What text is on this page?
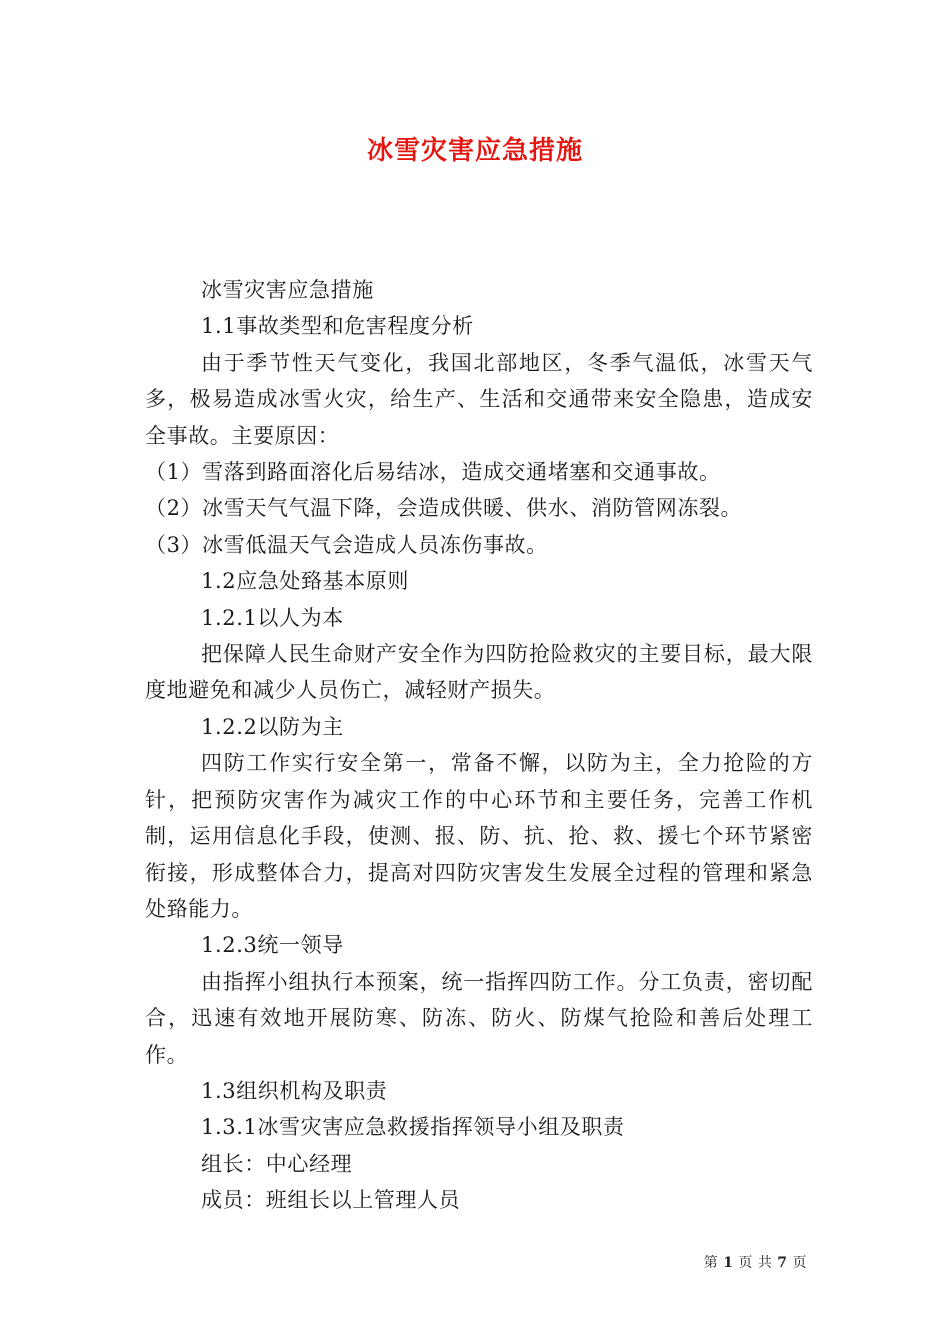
冰雪灾害应急措施

冰雪灾害应急措施

1.1事故类型和危害程度分析

由于季节性天气变化，我国北部地区，冬季气温低，冰雪天气多，极易造成冰雪火灾，给生产、生活和交通带来安全隐患，造成安全事故。主要原因：

（1）雪落到路面溶化后易结冰，造成交通堵塞和交通事故。

（2）冰雪天气气温下降，会造成供暖、供水、消防管网冻裂。

（3）冰雪低温天气会造成人员冻伤事故。

1.2应急处臵基本原则

1.2.1以人为本

把保障人民生命财产安全作为四防抢险救灾的主要目标，最大限度地避免和减少人员伤亡，减轻财产损失。

1.2.2以防为主

四防工作实行安全第一，常备不懈，以防为主，全力抢险的方针，把预防灾害作为减灾工作的中心环节和主要任务，完善工作机制，运用信息化手段，使测、报、防、抗、抢、救、援七个环节紧密衔接，形成整体合力，提高对四防灾害发生发展全过程的管理和紧急处臵能力。

1.2.3统一领导

由指挥小组执行本预案，统一指挥四防工作。分工负责，密切配合，迅速有效地开展防寒、防冻、防火、防煤气抢险和善后处理工作。

1.3组织机构及职责

1.3.1冰雪灾害应急救援指挥领导小组及职责

组长：中心经理

成员：班组长以上管理人员

第 1 页 共 7 页
